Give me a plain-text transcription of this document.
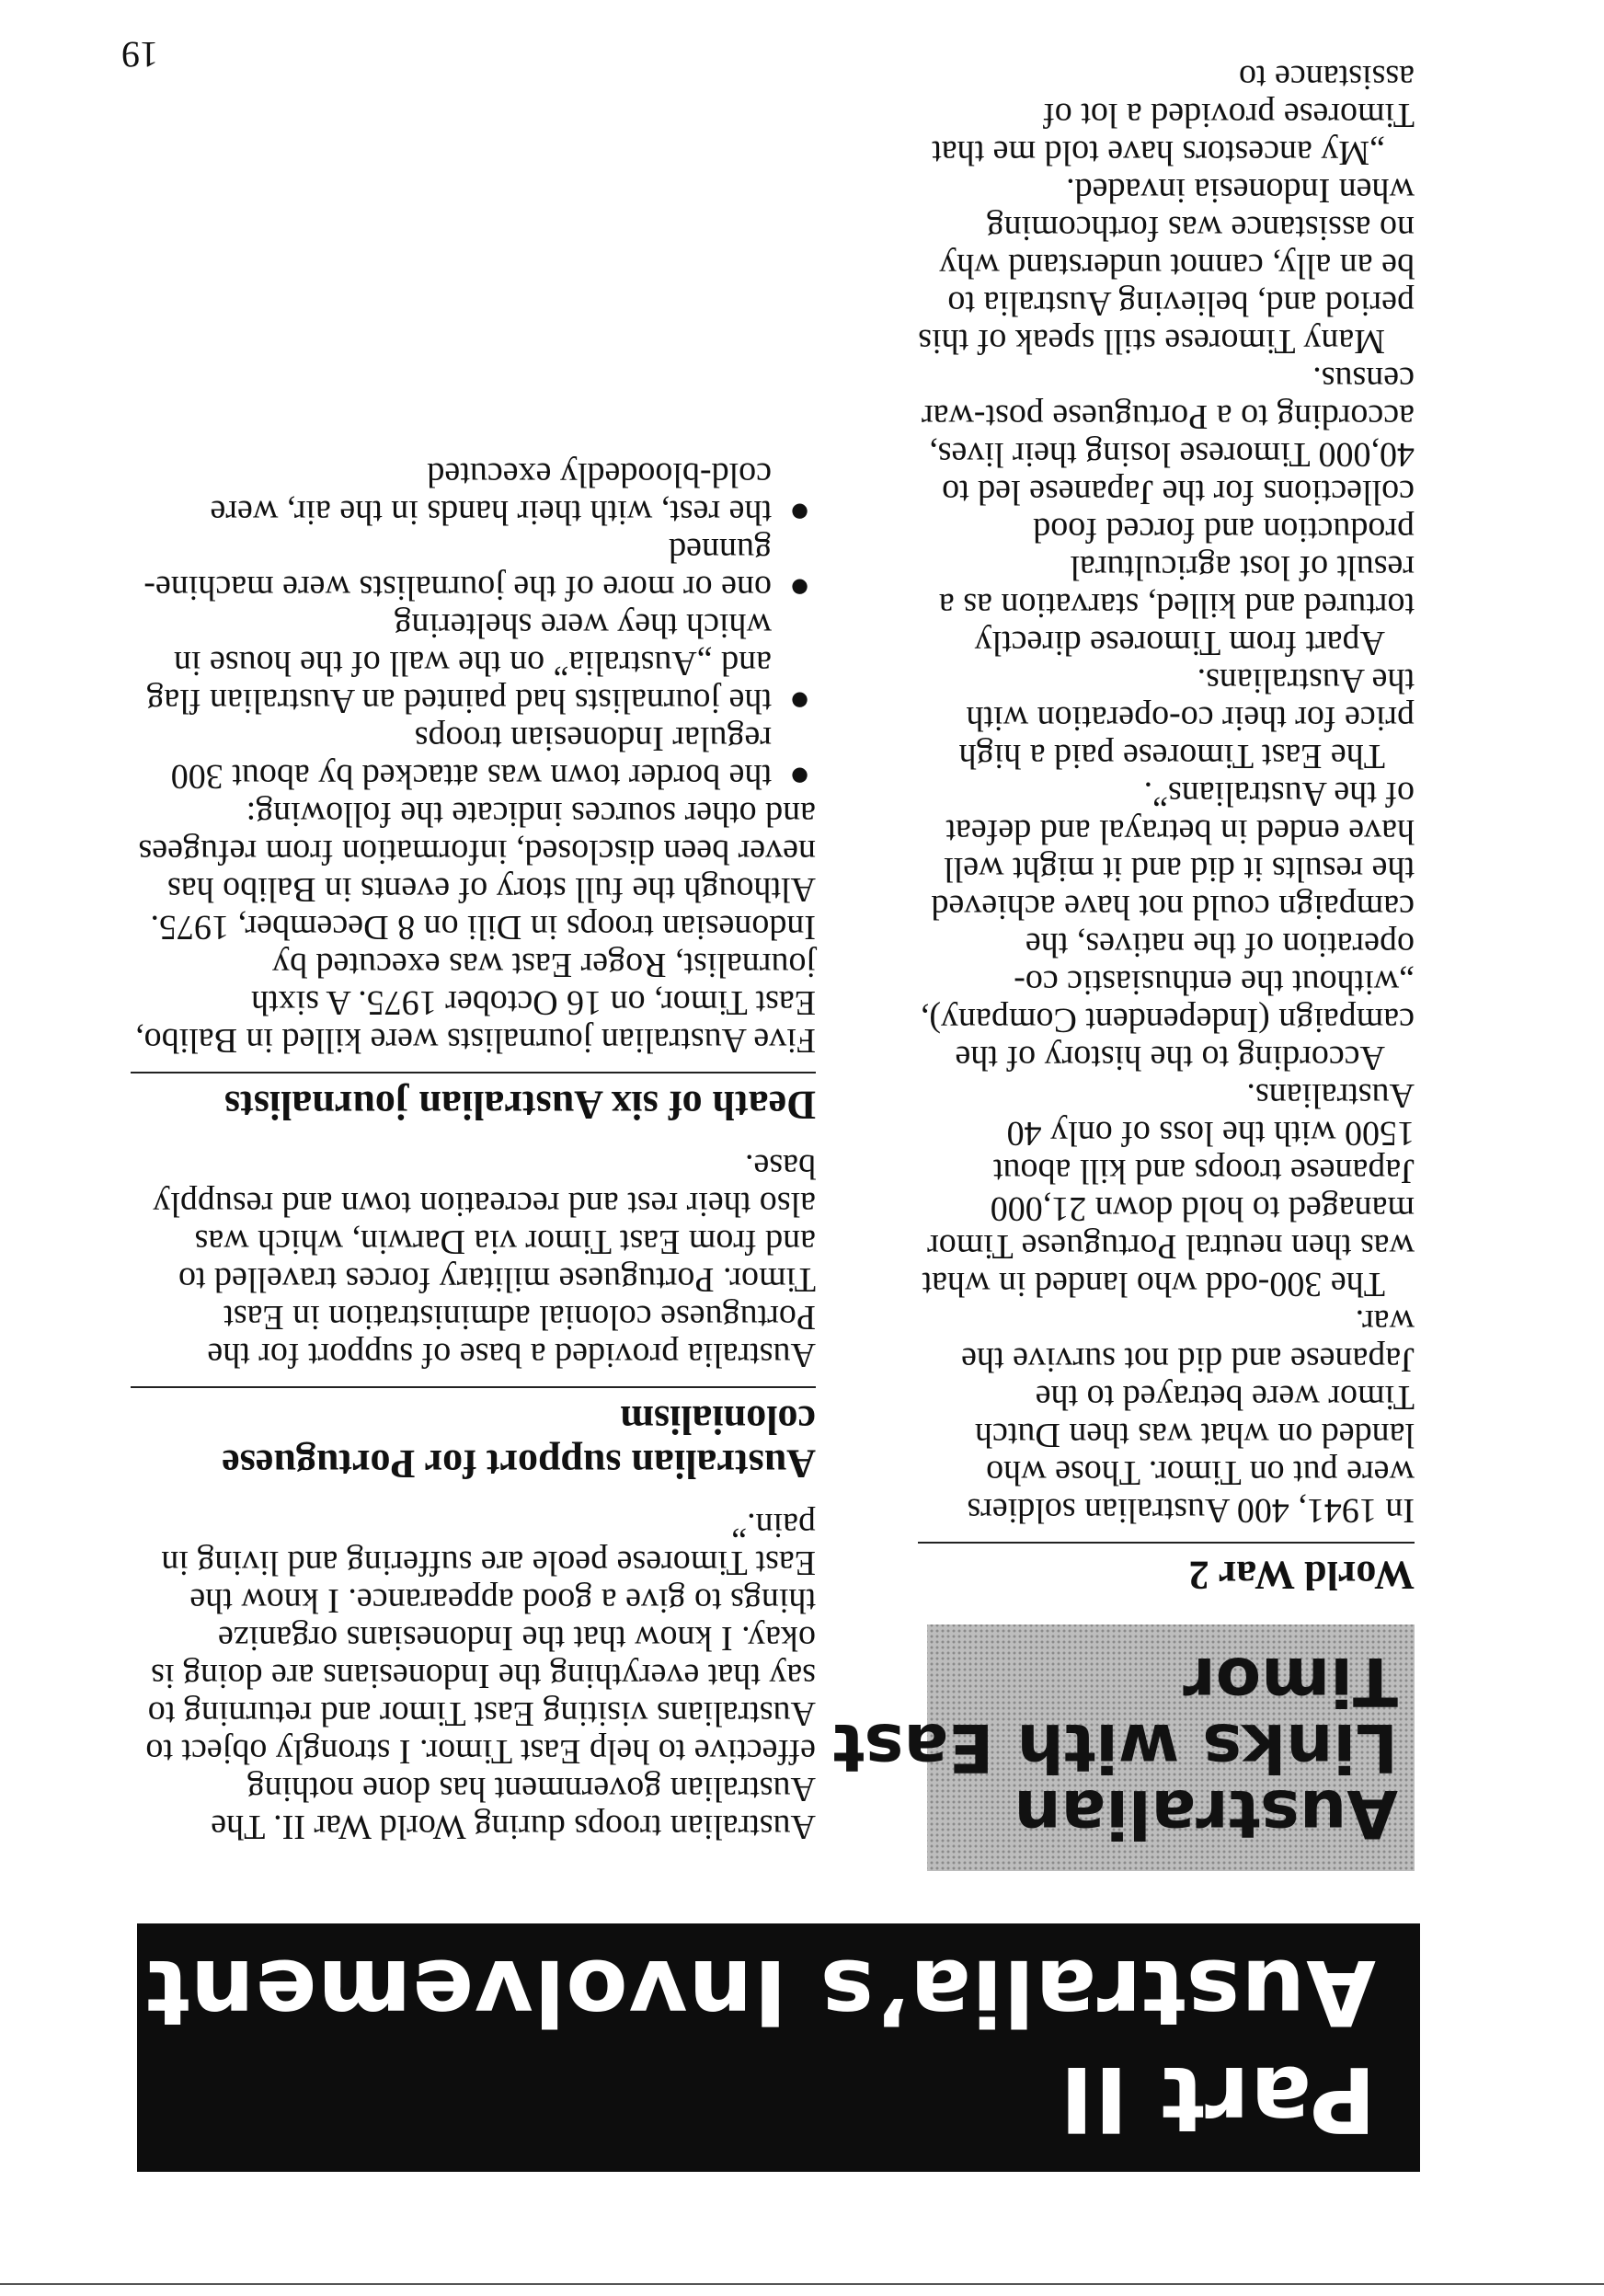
Part II
Australia’s Involvement
Australian
Links with East
Timor

World War 2

In 1941, 400 Australian soldiers were put on Timor. Those who landed on what was then Dutch Timor were betrayed to the Japanese and did not survive the war.

The 300-odd who landed in what was then neutral Portuguese Timor managed to hold down 21,000 Japanese troops and kill about 1500 with the loss of only 40 Australians.

According to the history of the campaign (Independent Company), „without the enthusiastic co-operation of the natives, the campaign could not have achieved the results it did and it might well have ended in betrayal and defeat of the Australians”.

The East Timorese paid a high price for their co-operation with the Australians.

Apart from Timorese directly tortured and killed, starvation as a result of lost agricultural production and forced food collections for the Japanese led to 40,000 Timorese losing their lives, according to a Portuguese post-war census.

Many Timorese still speak of this period and, believing Australia to be an ally, cannot understand why no assistance was forthcoming when Indonesia invaded.

„My ancestors have told me that Timorese provided a lot of assistance to

Australian troops during World War II. The Australian government has done nothing effective to help East Timor. I strongly object to Australians visiting East Timor and returning to say that everything the Indonesians are doing is okay. I know that the Indonesians organize things to give a good appearance. I know the East Timorese peole are suffering and living in pain.”

Australian support for Portuguese colonialism

Australia provided a base of support for the Portuguese colonial administration in East Timor. Portuguese military forces travelled to and from East Timor via Darwin, which was also their rest and recreation town and resupply base.

Death of six Australian journalists

Five Australian journalists were killed in Balibo, East Timor, on 16 October 1975. A sixth journalist, Roger East was executed by Indonesian troops in Dili on 8 December, 1975. Although the full story of events in Balibo has never been disclosed, information from refugees and other sources indicate the following:

●
the border town was attacked by about 300 regular Indonesian troops
●
the journalists had painted an Australian flag and „Australia” on the wall of the house in which they were sheltering
●
one or more of the journalists were machine-gunned
●
the rest, with their hands in the air, were cold-bloodedly executed
19
